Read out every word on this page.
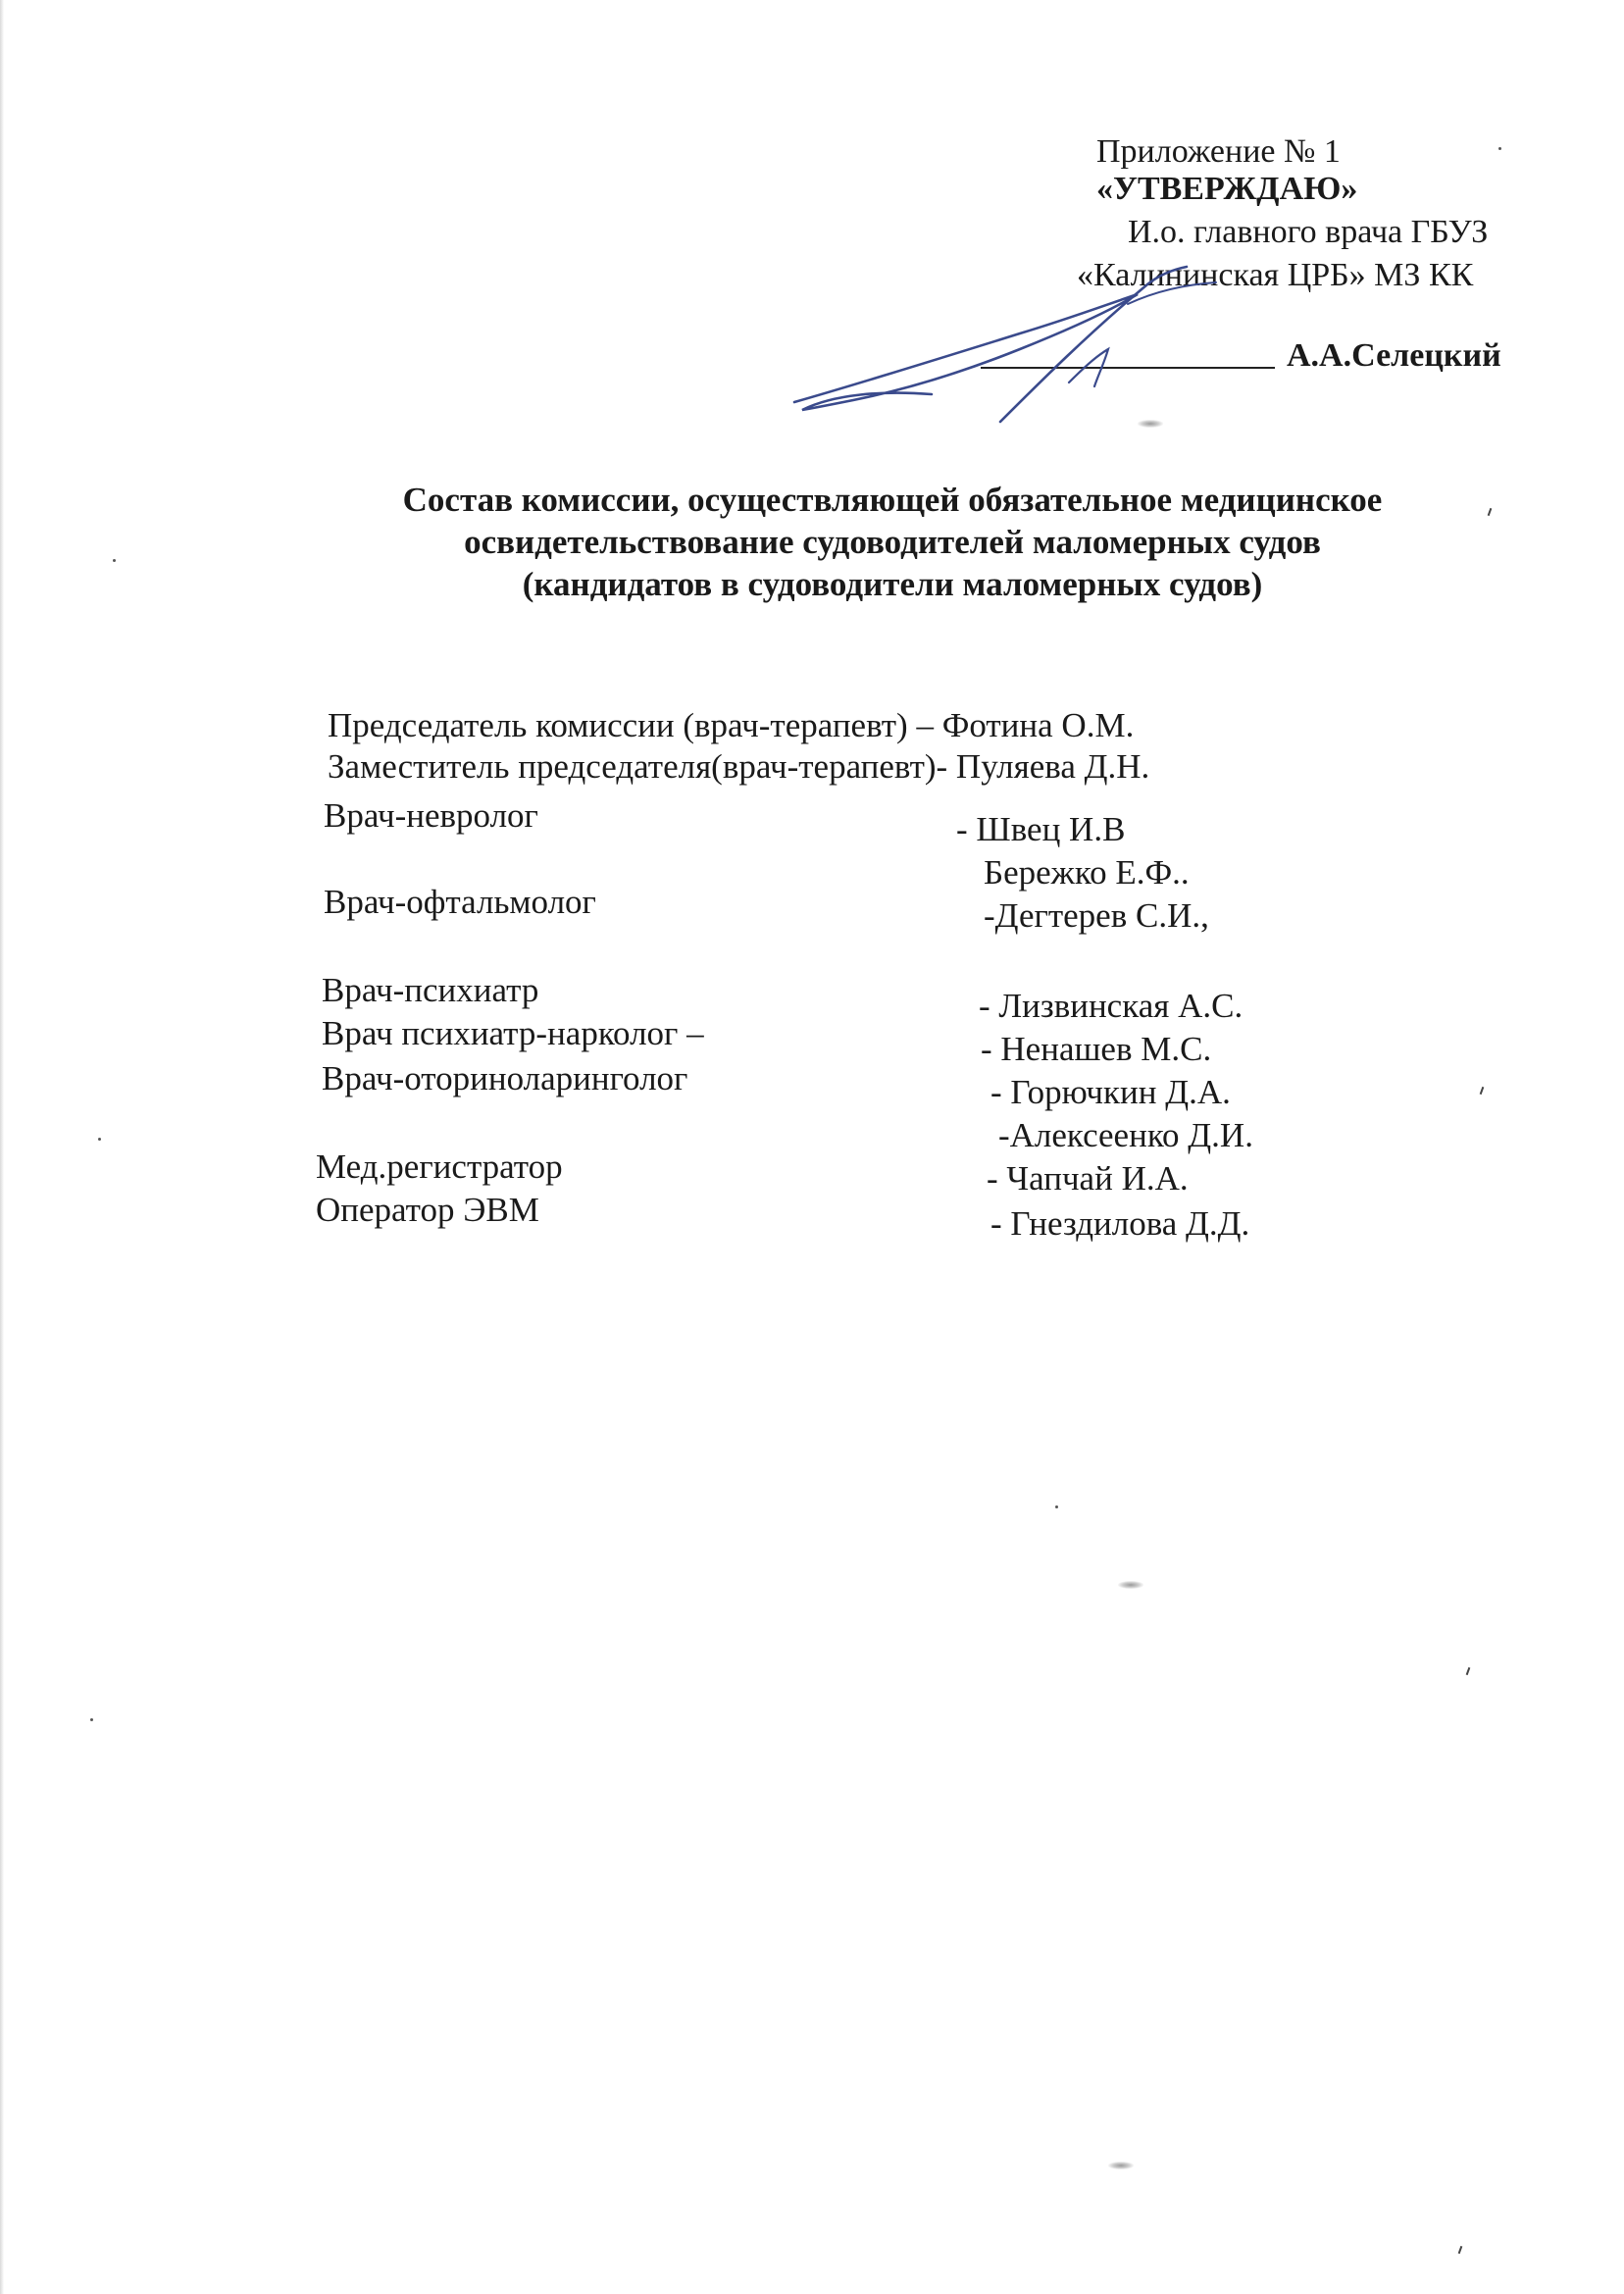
Приложение № 1
«УТВЕРЖДАЮ»
И.о. главного врача ГБУЗ
«Калининская ЦРБ» МЗ КК
А.А.Селецкий
Состав комиссии, осуществляющей обязательное медицинское
освидетельствование судоводителей маломерных судов
(кандидатов в судоводители маломерных судов)
Председатель комиссии (врач-терапевт) – Фотина О.М.
Заместитель председателя(врач-терапевт)- Пуляева Д.Н.
Врач-невролог	- Швец И.В
Бережко Е.Ф..
Врач-офтальмолог	-Дегтерев С.И.,
Врач-психиатр	- Лизвинская А.С.
Врач психиатр-нарколог –	- Ненашев М.С.
Врач-оториноларинголог	- Горючкин Д.А.
-Алексеенко Д.И.
Мед.регистратор	- Чапчай И.А.
Оператор ЭВМ	- Гнездилова Д.Д.
